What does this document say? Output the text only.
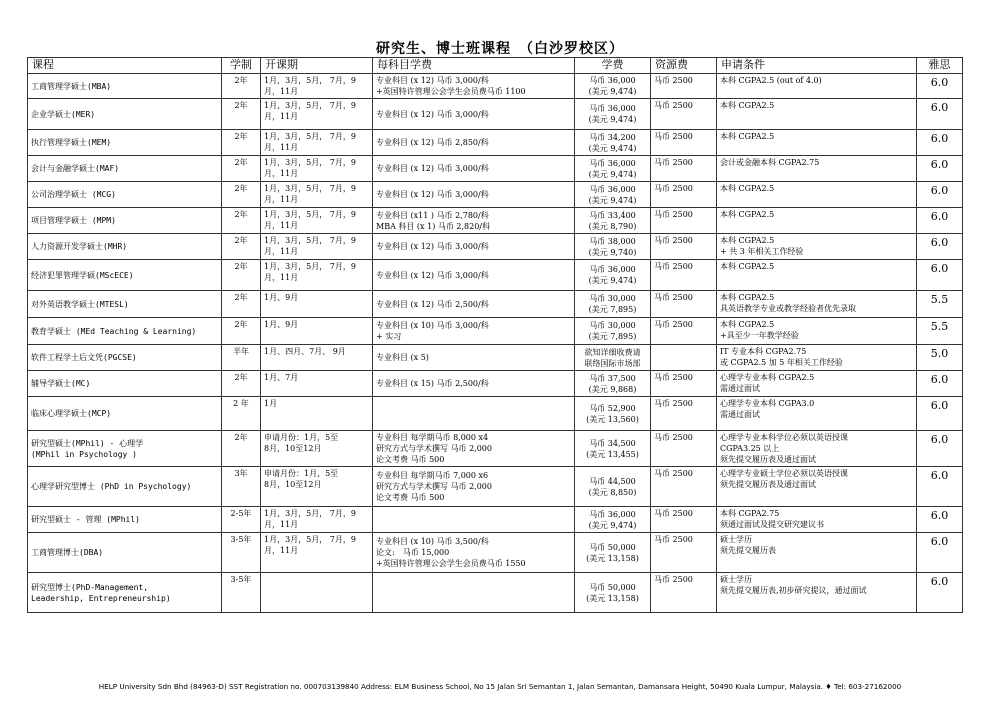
研究生、博士班课程　（白沙罗校区）
课程	学制	开课期	每科目学费	学费	资源费	申请条件	雅思
工商管理学硕士(MBA)	2年	1月，3月，5月， 7月，9月，11月	专业科目 (x 12) 马币 3,000/科
+英国特许管理公会学生会员费马币 1100	马币 36,000
(美元 9,474)	马币 2500	本科 CGPA2.5 (out of 4.0)	6.0
企业学硕士(MER)	2年	1月，3月，5月， 7月，9月，11月	专业科目 (x 12) 马币 3,000/科	马币 36,000
(美元 9,474)	马币 2500	本科 CGPA2.5	6.0
执行管理学硕士(MEM)	2年	1月，3月，5月， 7月，9月，11月	专业科目 (x 12) 马币 2,850/科	马币 34,200
(美元 9,474)	马币 2500	本科 CGPA2.5	6.0
会计与金融学硕士(MAF)	2年	1月，3月，5月， 7月，9月，11月	专业科目 (x 12) 马币 3,000/科	马币 36,000
(美元 9,474)	马币 2500	会计或金融本科 CGPA2.75	6.0
公司治理学硕士 (MCG)	2年	1月，3月，5月， 7月，9月，11月	专业科目 (x 12) 马币 3,000/科	马币 36,000
(美元 9,474)	马币 2500	本科 CGPA2.5	6.0
项目管理学硕士 (MPM)	2年	1月，3月，5月， 7月，9月，11月	专业科目 (x11 ) 马币 2,780/科
MBA 科目 (x 1) 马币 2,820/科	马币 33,400
(美元 8,790)	马币 2500	本科 CGPA2.5	6.0
人力资源开发学硕士(MHR)	2年	1月，3月，5月， 7月，9月，11月	专业科目 (x 12) 马币 3,000/科	马币 38,000
(美元 9,740)	马币 2500	本科 CGPA2.5
+ 共 3 年相关工作经验	6.0
经济犯罪管理学硕(MScECE)	2年	1月，3月，5月， 7月，9月，11月	专业科目 (x 12) 马币 3,000/科	马币 36,000
(美元 9,474)	马币 2500	本科 CGPA2.5	6.0
对外英语教学硕士(MTESL)	2年	1月、9月	专业科目 (x 12) 马币 2,500/科	马币 30,000
(美元 7,895)	马币 2500	本科 CGPA2.5
具英语教学专业或教学经验者优先录取	5.5
教育学硕士 (MEd Teaching & Learning)	2年	1月、9月	专业科目 (x 10) 马币 3,000/科
+ 实习	马币 30,000
(美元 7,895)	马币 2500	本科 CGPA2.5
+具至少一年教学经验	5.5
软件工程学士后文凭(PGCSE)	半年	1月、四月、7月、 9月	专业科目 (x 5)	欲知详细收费请
联络国际市场部		IT 专业本科 CGPA2.75
或 CGPA2.5 加 5 年相关工作经验	5.0
辅导学硕士(MC)	2年	1月、7月	专业科目 (x 15) 马币 2,500/科	马币 37,500
(美元 9,868)	马币 2500	心理学专业本科 CGPA2.5
需通过面试	6.0
临床心理学硕士(MCP)	2 年	1月		马币 52,900
(美元 13,560)	马币 2500	心理学专业本科 CGPA3.0
需通过面试	6.0
研究型硕士(MPhil) - 心理学
(MPhil in Psychology )	2年	申请月份：1月，5至
8月，10至12月	专业科目 每学期马币 8,000 x4
研究方式与学术撰写 马币 2,000
论文考费 马币 500	马币 34,500
(美元 13,455)	马币 2500	心理学专业本科学位必须以英语授课
CGPA3.25 以上
须先提交履历表及通过面试	6.0
心理学研究型博士 (PhD in Psychology)	3年	申请月份：1月，5至
8月，10至12月	专业科目 每学期马币 7,000 x6
研究方式与学术撰写 马币 2,000
论文考费 马币 500	马币 44,500
(美元 8,850)	马币 2500	心理学专业硕士学位必须以英语授课
须先提交履历表及通过面试	6.0
研究型硕士 - 管理 (MPhil)	2-5年	1月，3月，5月， 7月，9月，11月		马币 36,000
(美元 9,474)	马币 2500	本科 CGPA2.75
须通过面试及提交研究建议书	6.0
工商管理博士(DBA)	3-5年	1月，3月，5月， 7月，9月，11月	专业科目 (x 10) 马币 3,500/科
论文:　马币 15,000
+英国特许管理公会学生会员费马币 1550	马币 50,000
(美元 13,158)	马币 2500	硕士学历
须先提交履历表	6.0
研究型博士(PhD-Management,
Leadership, Entrepreneurship)	3-5年			马币 50,000
(美元 13,158)	马币 2500	硕士学历
须先提交履历表,初步研究提议，通过面试	6.0
HELP University Sdn Bhd (84963-D) SST Registration no. 000703139840 Address: ELM Business School, No 15 Jalan Sri Semantan 1, Jalan Semantan, Damansara Height, 50490 Kuala Lumpur, Malaysia. ♦ Tel: 603-27162000
